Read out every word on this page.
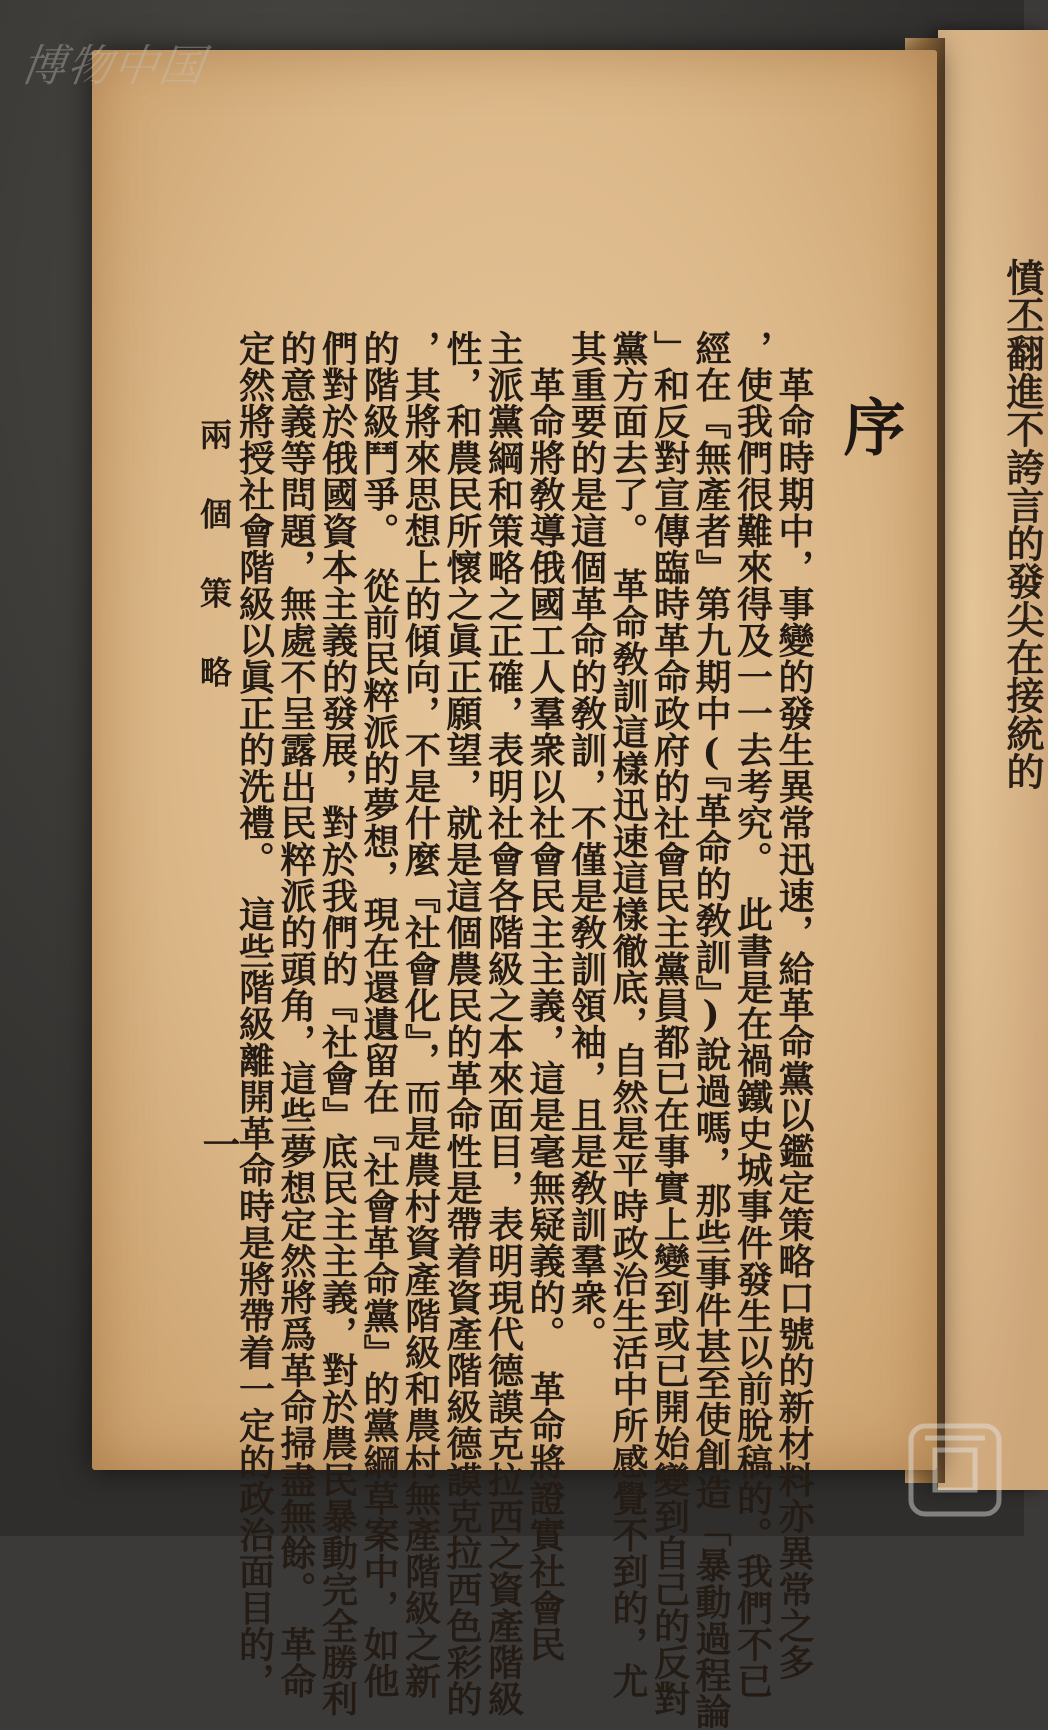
憤丕翻進不誇言的發尖在接統的
序
　革命時期中，事變的發生異常迅速，給革命黨以鑑定策略口號的新材料亦異常之多
，使我們很難來得及一一去考究。　此書是在禍鐵史城事件發生以前脫稿的。我們不已
經在『無產者』第九期中(『革命的敎訓』)說過嗎，那些事件甚至使創造「暴動過程論
」和反對宣傳臨時革命政府的社會民主黨員都已在事實上變到或已開始變到自己的反對
黨方面去了。　革命敎訓這樣迅速這樣徹底，自然是平時政治生活中所感覺不到的，尤
其重要的是這個革命的敎訓，不僅是敎訓領袖，且是敎訓羣衆。
　革命將敎導俄國工人羣衆以社會民主主義，這是毫無疑義的。　革命將證實社會民
主派黨綱和策略之正確，表明社會各階級之本來面目，表明現代德謨克拉西之資產階級
性，和農民所懷之眞正願望，就是這個農民的革命性是帶着資產階級德謨克拉西色彩的
，其將來思想上的傾向，不是什麼『社會化』，而是農村資產階級和農村無產階級之新
的階級鬥爭。　從前民粹派的夢想，現在還遺留在『社會革命黨』的黨綱草案中，如他
們對於俄國資本主義的發展，對於我們的『社會』底民主主義，對於農民暴動完全勝利
的意義等問題，無處不呈露出民粹派的頭角，這些夢想定然將爲革命掃盡無餘。　革命
定然將授社會階級以眞正的洗禮。　這些階級離開革命時是將帶着一定的政治面目的，
兩 個 策 略
一
博物中国
